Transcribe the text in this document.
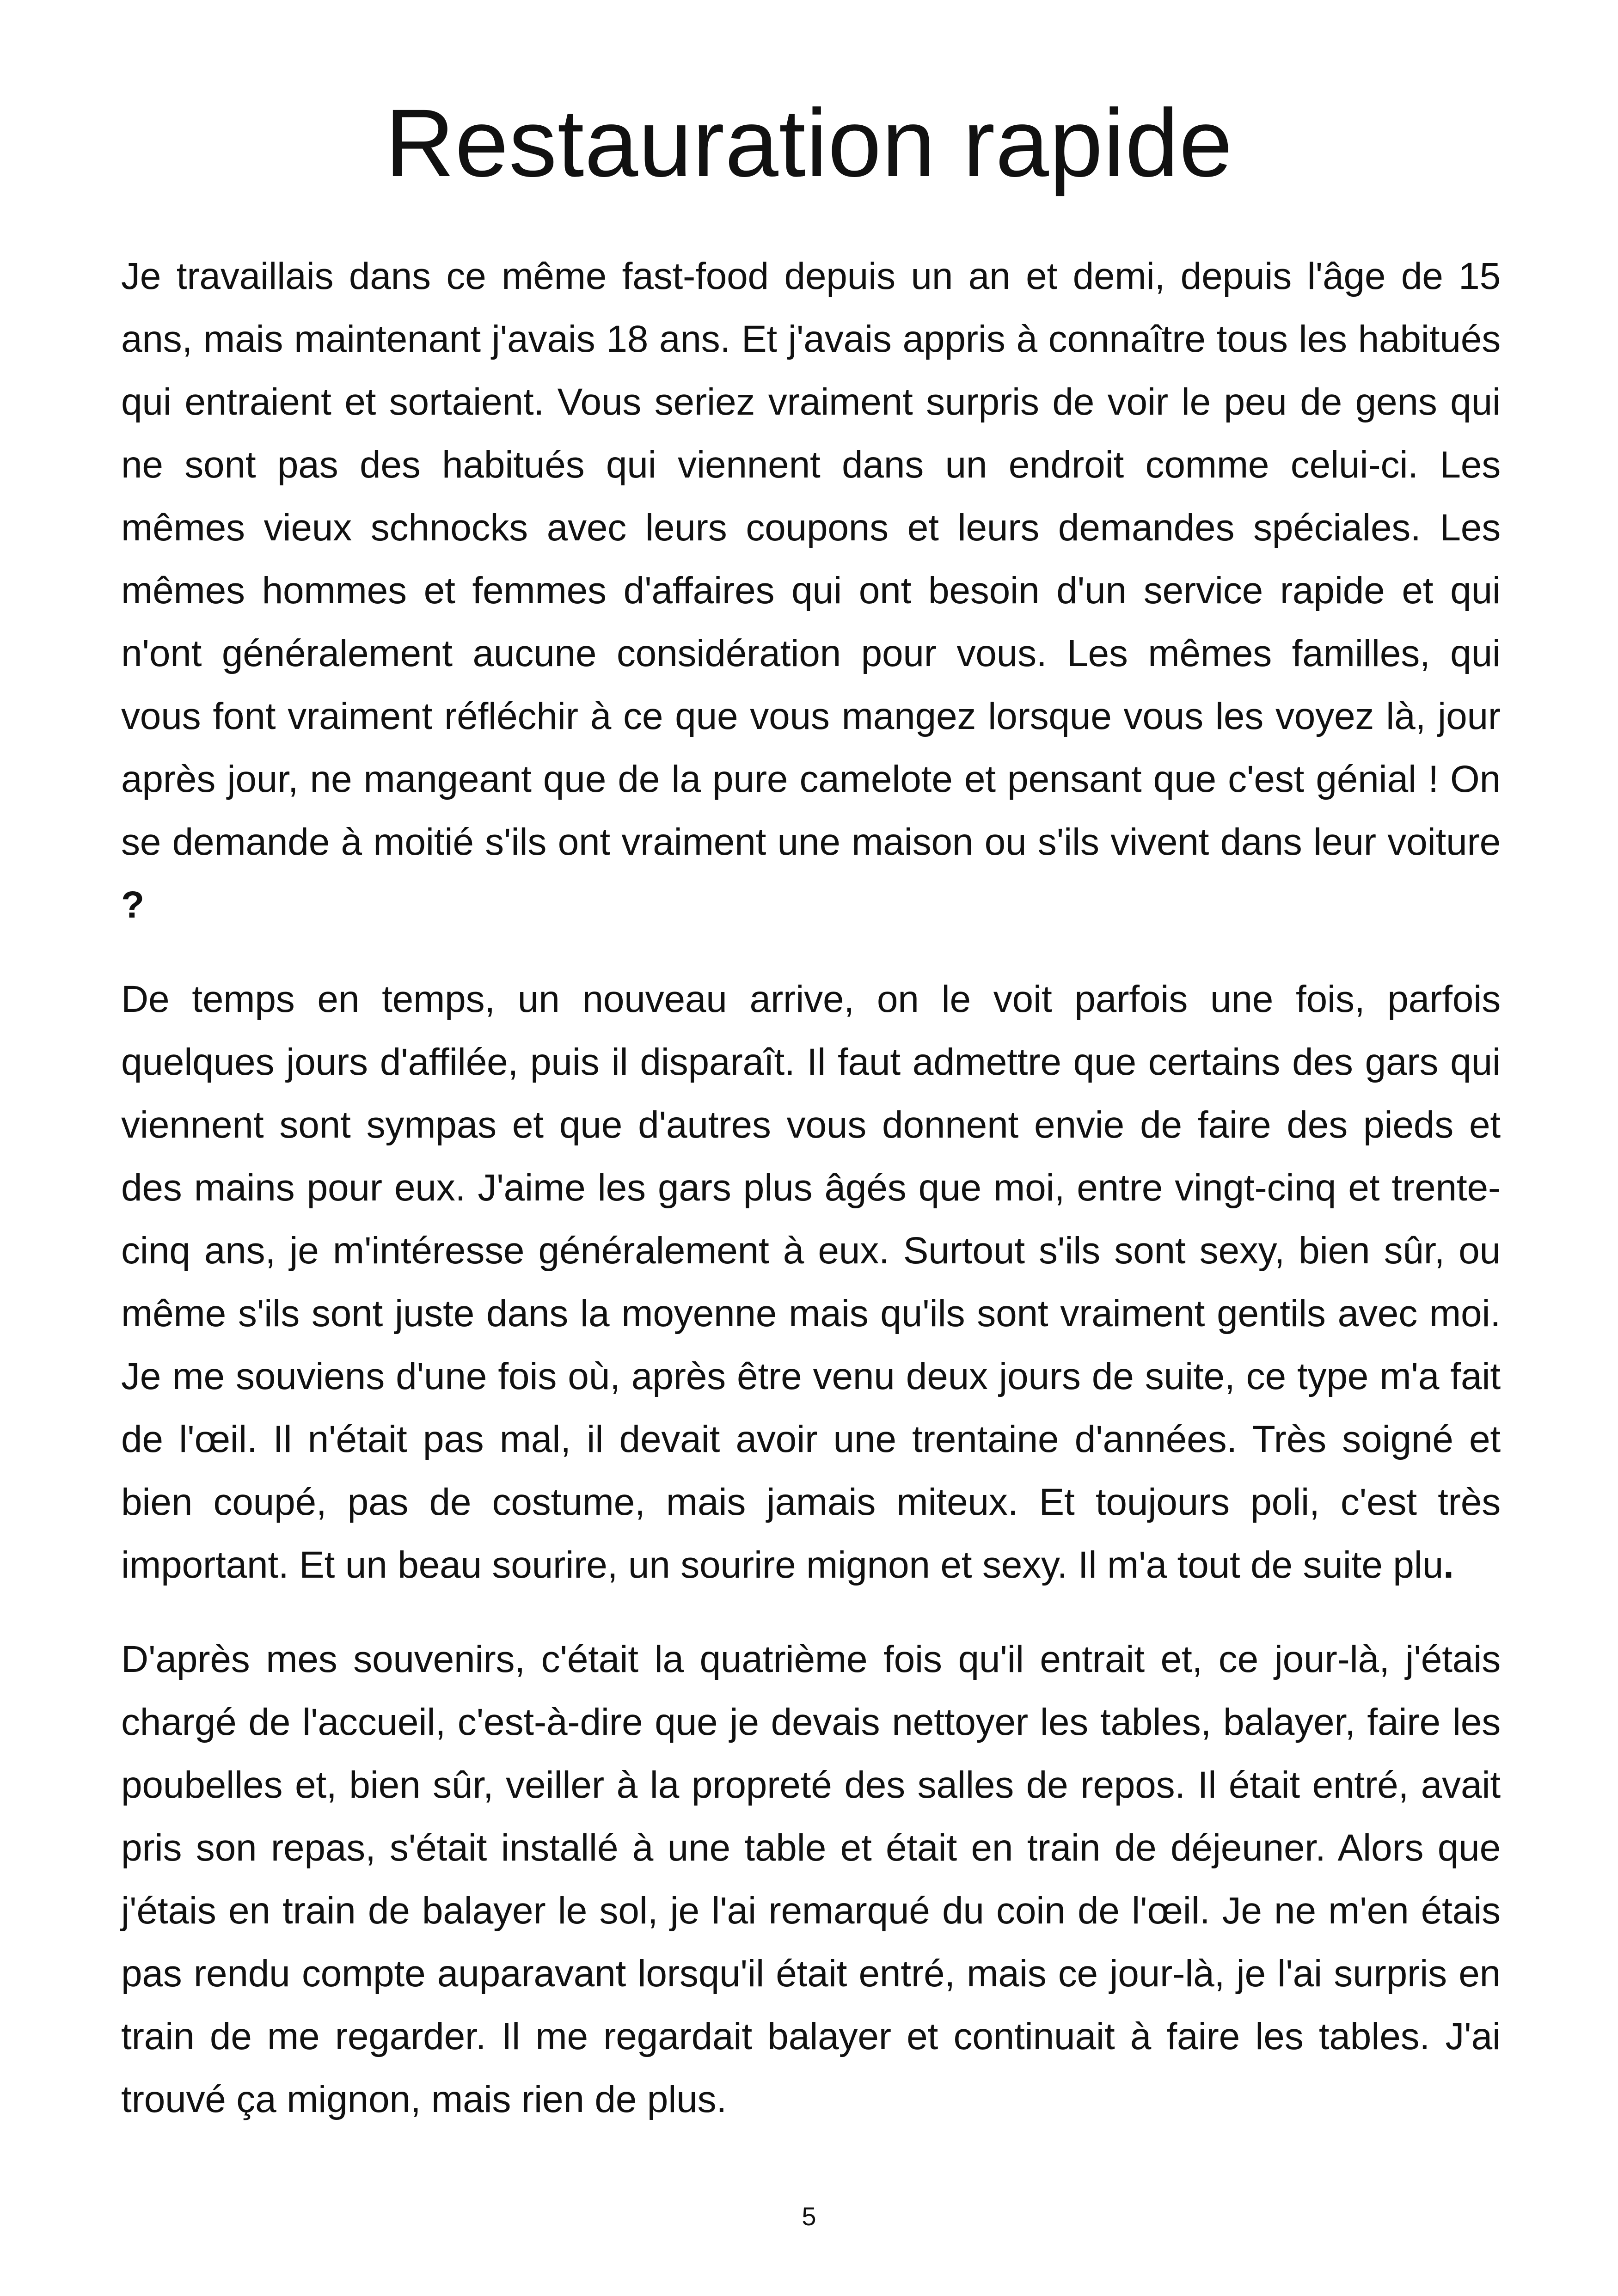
Restauration rapide

Je travaillais dans ce même fast-food depuis un an et demi, depuis l'âge de 15 ans, mais maintenant j'avais 18 ans. Et j'avais appris à connaître tous les habitués qui entraient et sortaient. Vous seriez vraiment surpris de voir le peu de gens qui ne sont pas des habitués qui viennent dans un endroit comme celui-ci. Les mêmes vieux schnocks avec leurs coupons et leurs demandes spéciales. Les mêmes hommes et femmes d'affaires qui ont besoin d'un service rapide et qui n'ont généralement aucune considération pour vous. Les mêmes familles, qui vous font vraiment réfléchir à ce que vous mangez lorsque vous les voyez là, jour après jour, ne mangeant que de la pure camelote et pensant que c'est génial ! On se demande à moitié s'ils ont vraiment une maison ou s'ils vivent dans leur voiture ?

De temps en temps, un nouveau arrive, on le voit parfois une fois, parfois quelques jours d'affilée, puis il disparaît. Il faut admettre que certains des gars qui viennent sont sympas et que d'autres vous donnent envie de faire des pieds et des mains pour eux. J'aime les gars plus âgés que moi, entre vingt-cinq et trente-cinq ans, je m'intéresse généralement à eux. Surtout s'ils sont sexy, bien sûr, ou même s'ils sont juste dans la moyenne mais qu'ils sont vraiment gentils avec moi. Je me souviens d'une fois où, après être venu deux jours de suite, ce type m'a fait de l'œil. Il n'était pas mal, il devait avoir une trentaine d'années. Très soigné et bien coupé, pas de costume, mais jamais miteux. Et toujours poli, c'est très important. Et un beau sourire, un sourire mignon et sexy. Il m'a tout de suite plu.

D'après mes souvenirs, c'était la quatrième fois qu'il entrait et, ce jour-là, j'étais chargé de l'accueil, c'est-à-dire que je devais nettoyer les tables, balayer, faire les poubelles et, bien sûr, veiller à la propreté des salles de repos. Il était entré, avait pris son repas, s'était installé à une table et était en train de déjeuner. Alors que j'étais en train de balayer le sol, je l'ai remarqué du coin de l'œil. Je ne m'en étais pas rendu compte auparavant lorsqu'il était entré, mais ce jour-là, je l'ai surpris en train de me regarder. Il me regardait balayer et continuait à faire les tables. J'ai trouvé ça mignon, mais rien de plus.

5
